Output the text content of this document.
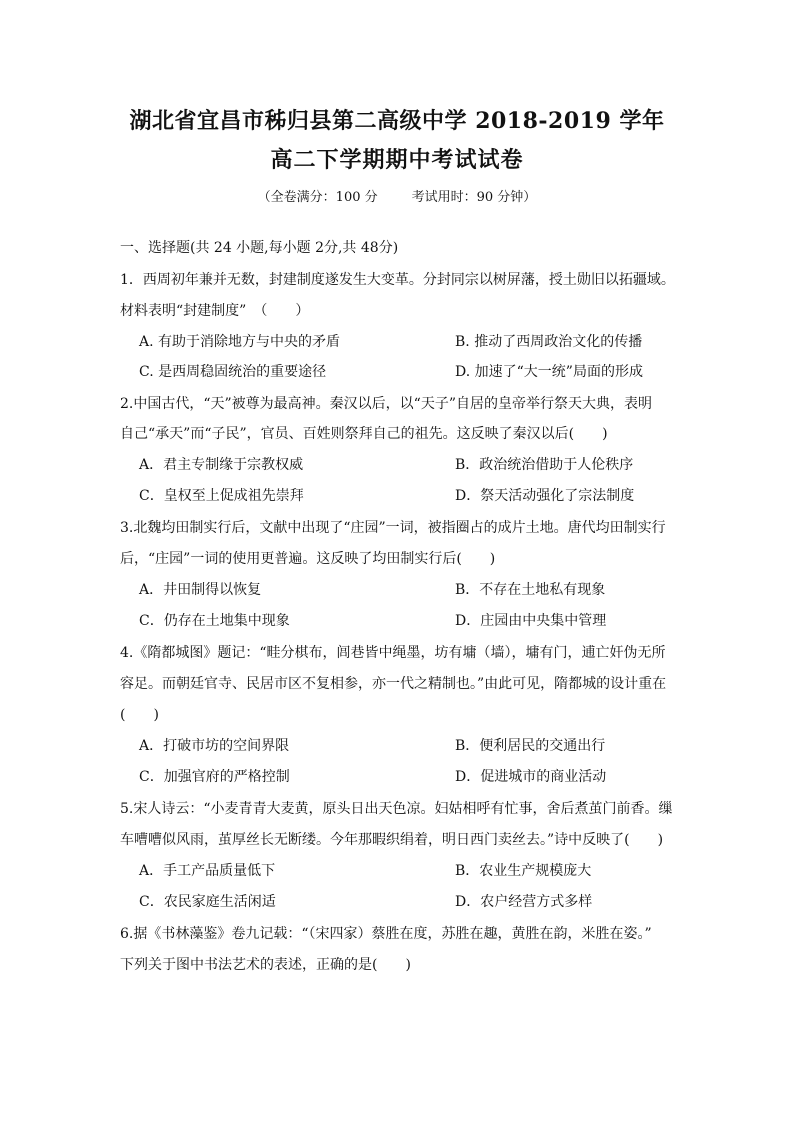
湖北省宜昌市秭归县第二高级中学 2018-2019 学年
高二下学期期中考试试卷
（全卷满分：100 分	考试用时：90 分钟）
一、选择题(共 24 小题,每小题 2分,共 48分)
1．西周初年兼并无数，封建制度遂发生大变革。分封同宗以树屏藩，授土勋旧以拓疆域。
材料表明“封建制度”　（　　）
A. 有助于消除地方与中央的矛盾	B. 推动了西周政治文化的传播
C. 是西周稳固统治的重要途径	D. 加速了“大一统”局面的形成
2.中国古代，“天”被尊为最高神。秦汉以后，以“天子”自居的皇帝举行祭天大典，表明
自己“承天”而“子民”，官员、百姓则祭拜自己的祖先。这反映了秦汉以后(　　)
A．君主专制缘于宗教权威	B．政治统治借助于人伦秩序
C．皇权至上促成祖先崇拜	D．祭天活动强化了宗法制度
3.北魏均田制实行后，文献中出现了“庄园”一词，被指圈占的成片土地。唐代均田制实行
后，“庄园”一词的使用更普遍。这反映了均田制实行后(　　)
A．井田制得以恢复	B．不存在土地私有现象
C．仍存在土地集中现象	D．庄园由中央集中管理
4.《隋都城图》题记：“畦分棋布，闾巷皆中绳墨，坊有墉（墙），墉有门，逋亡奸伪无所
容足。而朝廷官寺、民居市区不复相参，亦一代之精制也。”由此可见，隋都城的设计重在
(　　)
A．打破市坊的空间界限	B．便利居民的交通出行
C．加强官府的严格控制	D．促进城市的商业活动
5.宋人诗云：“小麦青青大麦黄，原头日出天色凉。妇姑相呼有忙事，舍后煮茧门前香。缫
车嘈嘈似风雨，茧厚丝长无断缕。今年那暇织绢着，明日西门卖丝去。”诗中反映了(　　)
A．手工产品质量低下	B．农业生产规模庞大
C．农民家庭生活闲适	D．农户经营方式多样
6.据《书林藻鉴》卷九记载：“（宋四家）蔡胜在度，苏胜在趣，黄胜在韵，米胜在姿。”
下列关于图中书法艺术的表述，正确的是(　　)
